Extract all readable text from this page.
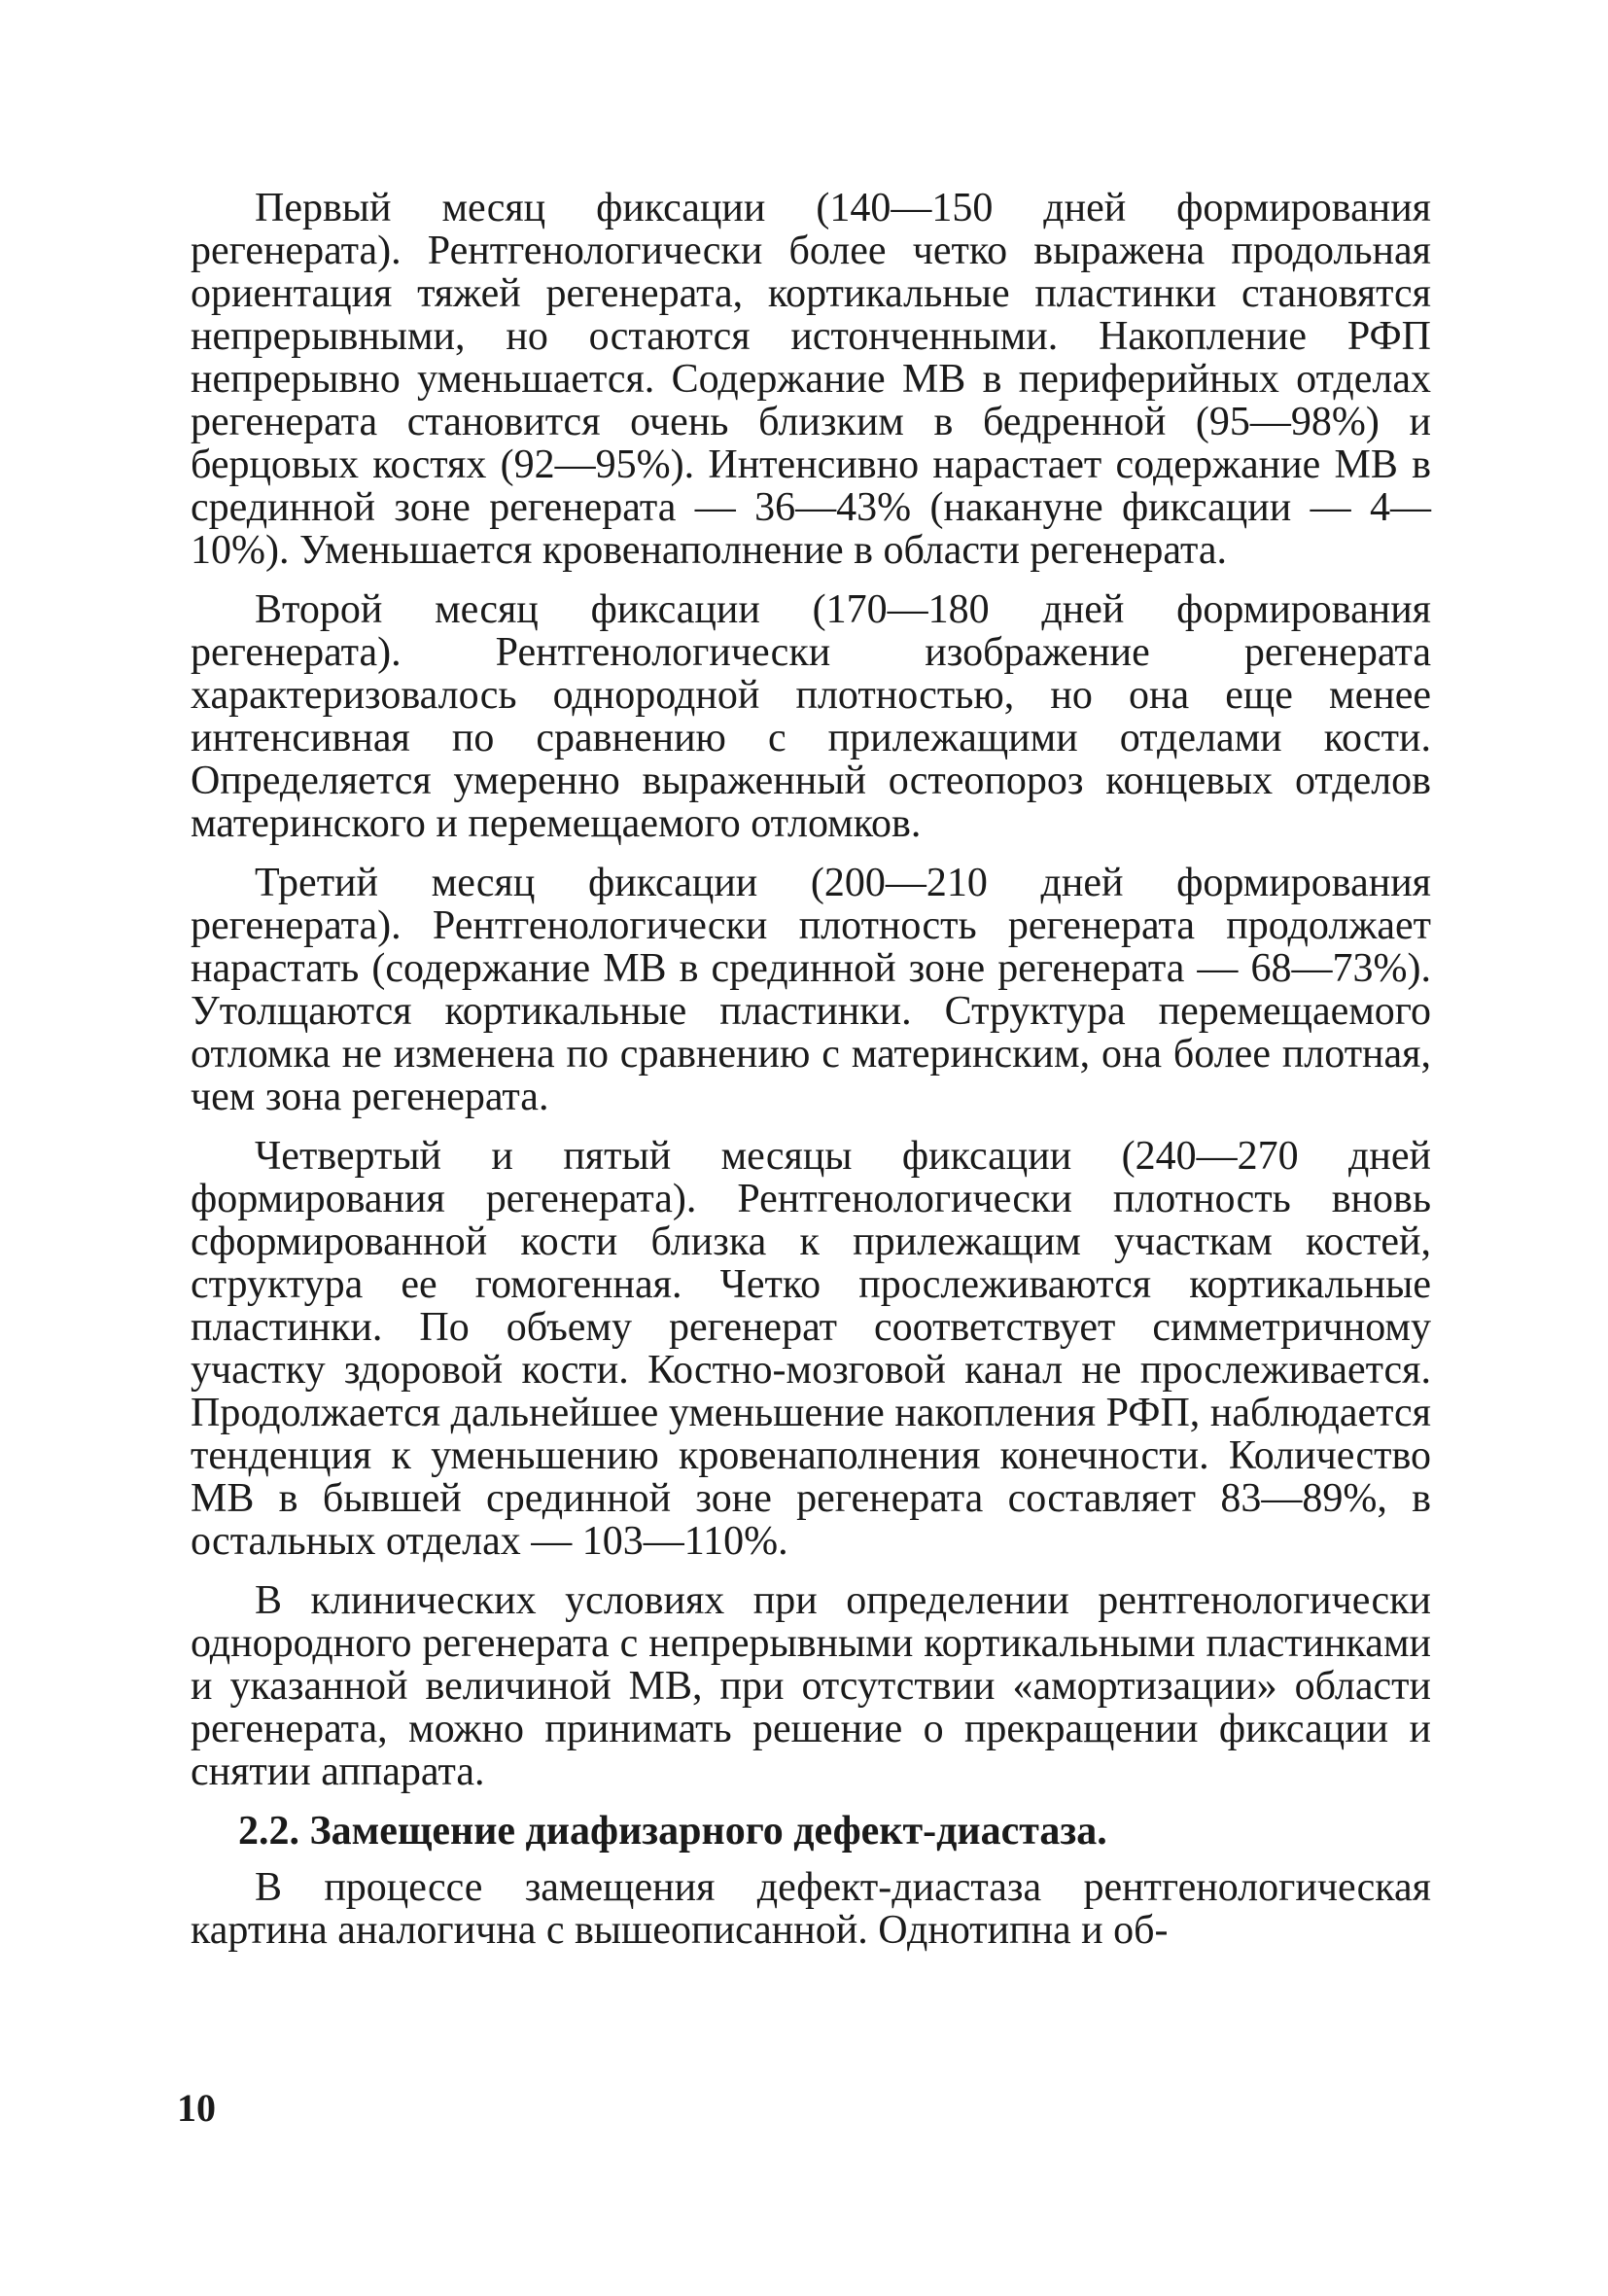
Первый месяц фиксации (140—150 дней формирования регенерата). Рентгенологически более четко выражена продольная ориентация тяжей регенерата, кортикальные пластинки становятся непрерывными, но остаются истонченными. Накопление РФП непрерывно уменьшается. Содержание МВ в периферийных отделах регенерата становится очень близким в бедренной (95—98%) и берцовых костях (92—95%). Интенсивно нарастает содержание МВ в срединной зоне регенерата — 36—43% (накануне фиксации — 4—10%). Уменьшается кровенаполнение в области регенерата.

Второй месяц фиксации (170—180 дней формирования регенерата). Рентгенологически изображение регенерата характеризовалось однородной плотностью, но она еще менее интенсивная по сравнению с прилежащими отделами кости. Определяется умеренно выраженный остеопороз концевых отделов материнского и перемещаемого отломков.

Третий месяц фиксации (200—210 дней формирования регенерата). Рентгенологически плотность регенерата продолжает нарастать (содержание МВ в срединной зоне регенерата — 68—73%). Утолщаются кортикальные пластинки. Структура перемещаемого отломка не изменена по сравнению с материнским, она более плотная, чем зона регенерата.

Четвертый и пятый месяцы фиксации (240—270 дней формирования регенерата). Рентгенологически плотность вновь сформированной кости близка к прилежащим участкам костей, структура ее гомогенная. Четко прослеживаются кортикальные пластинки. По объему регенерат соответствует симметричному участку здоровой кости. Костно-мозговой канал не прослеживается. Продолжается дальнейшее уменьшение накопления РФП, наблюдается тенденция к уменьшению кровенаполнения конечности. Количество МВ в бывшей срединной зоне регенерата составляет 83—89%, в остальных отделах — 103—110%.

В клинических условиях при определении рентгенологически однородного регенерата с непрерывными кортикальными пластинками и указанной величиной МВ, при отсутствии «амортизации» области регенерата, можно принимать решение о прекращении фиксации и снятии аппарата.

2.2. Замещение диафизарного дефект-диастаза.

В процессе замещения дефект-диастаза рентгенологическая картина аналогична с вышеописанной. Однотипна и об-

10
